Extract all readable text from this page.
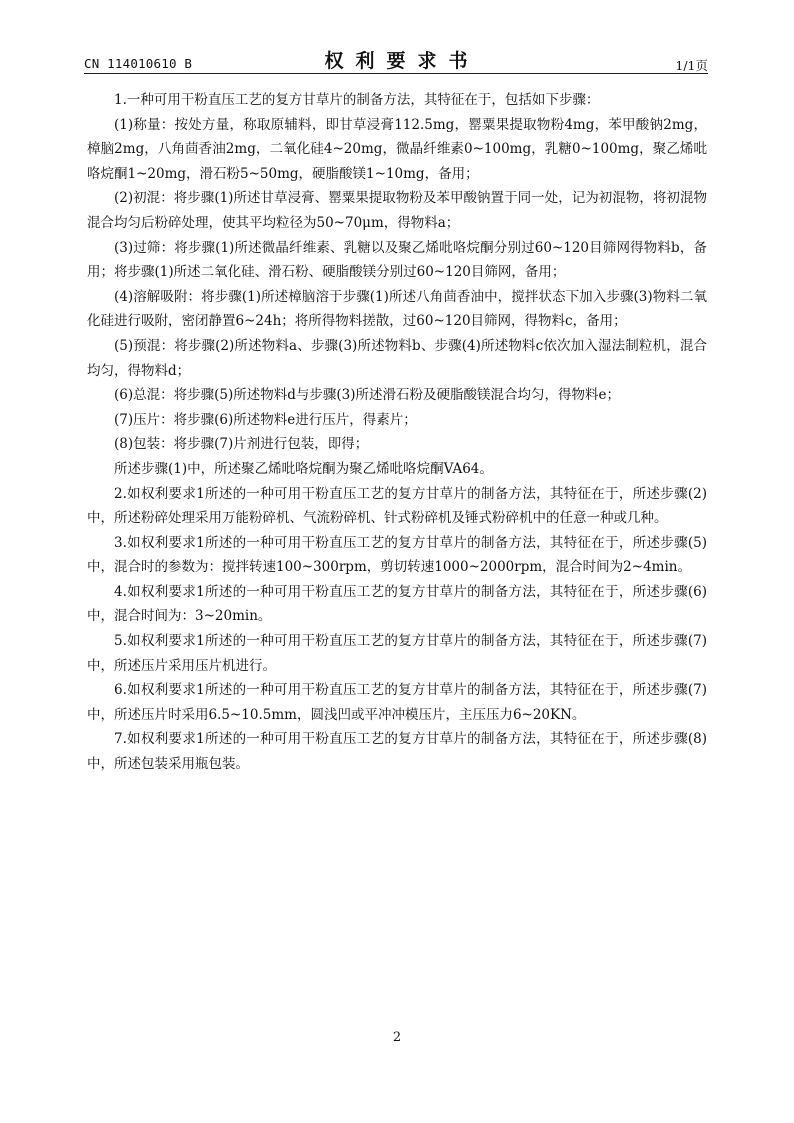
CN 114010610 B	权利要求书	1/1页

1.一种可用干粉直压工艺的复方甘草片的制备方法，其特征在于，包括如下步骤：

(1)称量：按处方量，称取原辅料，即甘草浸膏112.5mg，罂粟果提取物粉4mg，苯甲酸钠2mg，樟脑2mg，八角茴香油2mg，二氧化硅4~20mg，微晶纤维素0~100mg，乳糖0~100mg，聚乙烯吡咯烷酮1~20mg，滑石粉5~50mg，硬脂酸镁1~10mg，备用；

(2)初混：将步骤(1)所述甘草浸膏、罂粟果提取物粉及苯甲酸钠置于同一处，记为初混物，将初混物混合均匀后粉碎处理，使其平均粒径为50~70μm，得物料a；

(3)过筛：将步骤(1)所述微晶纤维素、乳糖以及聚乙烯吡咯烷酮分别过60~120目筛网得物料b，备用；将步骤(1)所述二氧化硅、滑石粉、硬脂酸镁分别过60~120目筛网，备用；

(4)溶解吸附：将步骤(1)所述樟脑溶于步骤(1)所述八角茴香油中，搅拌状态下加入步骤(3)物料二氧化硅进行吸附，密闭静置6~24h；将所得物料搓散，过60~120目筛网，得物料c，备用；

(5)预混：将步骤(2)所述物料a、步骤(3)所述物料b、步骤(4)所述物料c依次加入湿法制粒机，混合均匀，得物料d；

(6)总混：将步骤(5)所述物料d与步骤(3)所述滑石粉及硬脂酸镁混合均匀，得物料e；

(7)压片：将步骤(6)所述物料e进行压片，得素片；

(8)包装：将步骤(7)片剂进行包装，即得；

所述步骤(1)中，所述聚乙烯吡咯烷酮为聚乙烯吡咯烷酮VA64。

2.如权利要求1所述的一种可用干粉直压工艺的复方甘草片的制备方法，其特征在于，所述步骤(2)中，所述粉碎处理采用万能粉碎机、气流粉碎机、针式粉碎机及锤式粉碎机中的任意一种或几种。

3.如权利要求1所述的一种可用干粉直压工艺的复方甘草片的制备方法，其特征在于，所述步骤(5)中，混合时的参数为：搅拌转速100~300rpm，剪切转速1000~2000rpm，混合时间为2~4min。

4.如权利要求1所述的一种可用干粉直压工艺的复方甘草片的制备方法，其特征在于，所述步骤(6)中，混合时间为：3~20min。

5.如权利要求1所述的一种可用干粉直压工艺的复方甘草片的制备方法，其特征在于，所述步骤(7)中，所述压片采用压片机进行。

6.如权利要求1所述的一种可用干粉直压工艺的复方甘草片的制备方法，其特征在于，所述步骤(7)中，所述压片时采用6.5~10.5mm，圆浅凹或平冲冲模压片，主压压力6~20KN。

7.如权利要求1所述的一种可用干粉直压工艺的复方甘草片的制备方法，其特征在于，所述步骤(8)中，所述包装采用瓶包装。

2
